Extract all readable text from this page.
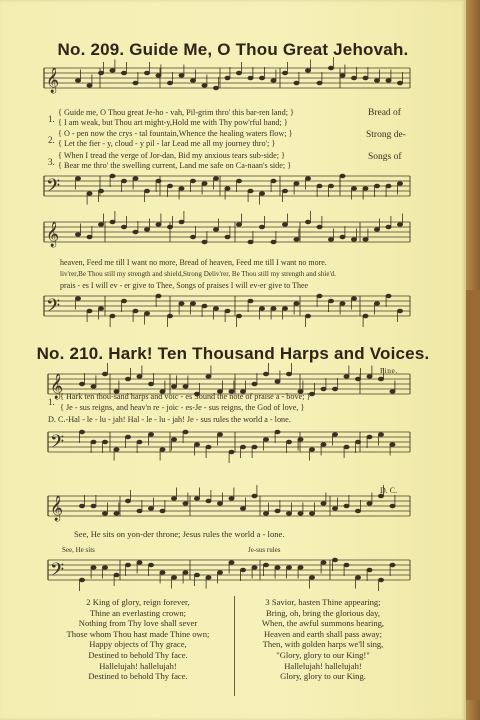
𝄞
𝄢
𝄞
𝄢
𝄞
𝄢
𝄞
𝄢
No. 209. Guide Me, O Thou Great Jehovah.
1.
2.
3.
{ Guide me, O Thou great Je-ho - vah, Pil-grim thro' this bar-ren land; }
{ I am weak, but Thou art might-y,Hold me with Thy pow'rful hand; }
{ O - pen now the crys - tal fountain,Whence the healing waters flow; }
{ Let the fier - y, cloud - y pil - lar Lead me all my journey thro'; }
{ When I tread the verge of Jor-dan, Bid my anxious tears sub-side; }
{ Bear me thro' the swelling current, Land me safe on Ca-naan's side; }
Bread of
Strong de-
Songs of
heaven, Feed me till I want no more, Bread of heaven, Feed me till I want no more.
liv'rer,Be Thou still my strength and shield,Strong Deliv'rer, Be Thou still my strength and shie'd.
prais - es I will ev - er give to Thee, Songs of praises I will ev-er give to Thee
No. 210. Hark! Ten Thousand Harps and Voices.
Fine.
1.
{ Hark ten thou-sand harps and voic - es Sound the note of praise a - bove; }
{ Je - sus reigns, and heav'n re - joic - es-Je - sus reigns, the God of love, }
D. C.-Hal - le - lu - jah! Hal - le - lu - jah! Je - sus rules the world a - lone.
D. C.
See, He sits on yon-der throne; Jesus rules the world a - lone.
See, He sits	Je-sus rules
2 King of glory, reign forever,
Thine an everlasting crown;
Nothing from Thy love shall sever
Those whom Thou hast made Thine own;
Happy objects of Thy grace,
Destined to behold Thy face.
Hallelujah! hallelujah!
Destined to behold Thy face.
3 Savior, hasten Thine appearing;
Bring, oh, bring the glorious day,
When, the awful summons hearing,
Heaven and earth shall pass away;
Then, with golden harps we'll sing,
"Glory, glory to our King!"
Hallelujah! hallelujah!
Glory, glory to our King.
